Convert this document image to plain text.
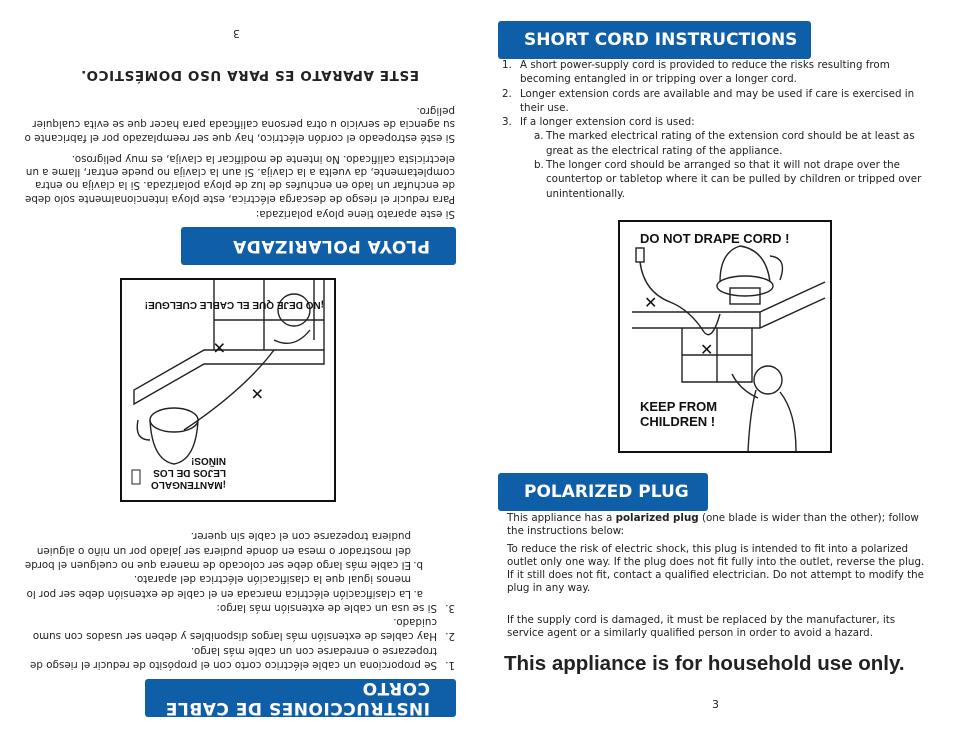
3
INSTRUCCIONES DE CABLE CORTO
1.
Se proporciona un cable eléctrico corto con el propósito de reducir el riesgo de tropezarse o enredarse con un cable más largo.
2.
Hay cables de extensión más largos disponibles y deben ser usados con sumo cuidado.
3.
Si se usa un cable de extensión más largo:
a.
La clasificación eléctrica marcada en el cable de extensión debe ser por lo menos igual que la clasificación eléctrica del aparato.
b.
El cable más largo debe ser colocado de manera que no cuelguen el borde del mostrador o mesa en donde pudiera ser jalado por un niño o alguien pudiera tropezarse con el cable sin querer.
✕
✕
¡MANTENGALO LEJOS DE LOS NIÑOS!
¡NO DEJE QUE EL CABLE CUELGUE!
PLOYA POLARIZADA

Si este aparato tiene ploya polarizada:

Para reducir el riesgo de descarga eléctrica, este ploya intencionalmente solo debe de enchufar un lado en enchufes de luz de ploya polarizada. Si la clavija no entra completamente, da vuelta a la clavija. Si aun la clavija no puede entrar, llame a un electricista calificado. No intente de modificar la clavija, es muy peligroso.

Si esté estropeado el cordón eléctrico, hay que ser reemplazado por el fabricante o su agencia de servicio u otra persona calificada para hacer que se evita cualquier peligro.

ESTE APARATO ES PARA USO DOMÉSTICO.
SHORT CORD INSTRUCTIONS
1. A short power-supply cord is provided to reduce the risks resulting from becoming entangled in or tripping over a longer cord.
2. Longer extension cords are available and may be used if care is exercised in their use.
3. If a longer extension cord is used:
a. The marked electrical rating of the extension cord should be at least as great as the electrical rating of the appliance.
b. The longer cord should be arranged so that it will not drape over the countertop or tabletop where it can be pulled by children or tripped over unintentionally.
✕
✕
DO NOT DRAPE CORD !
KEEP FROM
CHILDREN !
POLARIZED PLUG

This appliance has a polarized plug (one blade is wider than the other); follow the instructions below:

To reduce the risk of electric shock, this plug is intended to fit into a polarized outlet only one way. If the plug does not fit fully into the outlet, reverse the plug. If it still does not fit, contact a qualified electrician. Do not attempt to modify the plug in any way.

If the supply cord is damaged, it must be replaced by the manufacturer, its service agent or a similarly qualified person in order to avoid a hazard.

This appliance is for household use only.
3
